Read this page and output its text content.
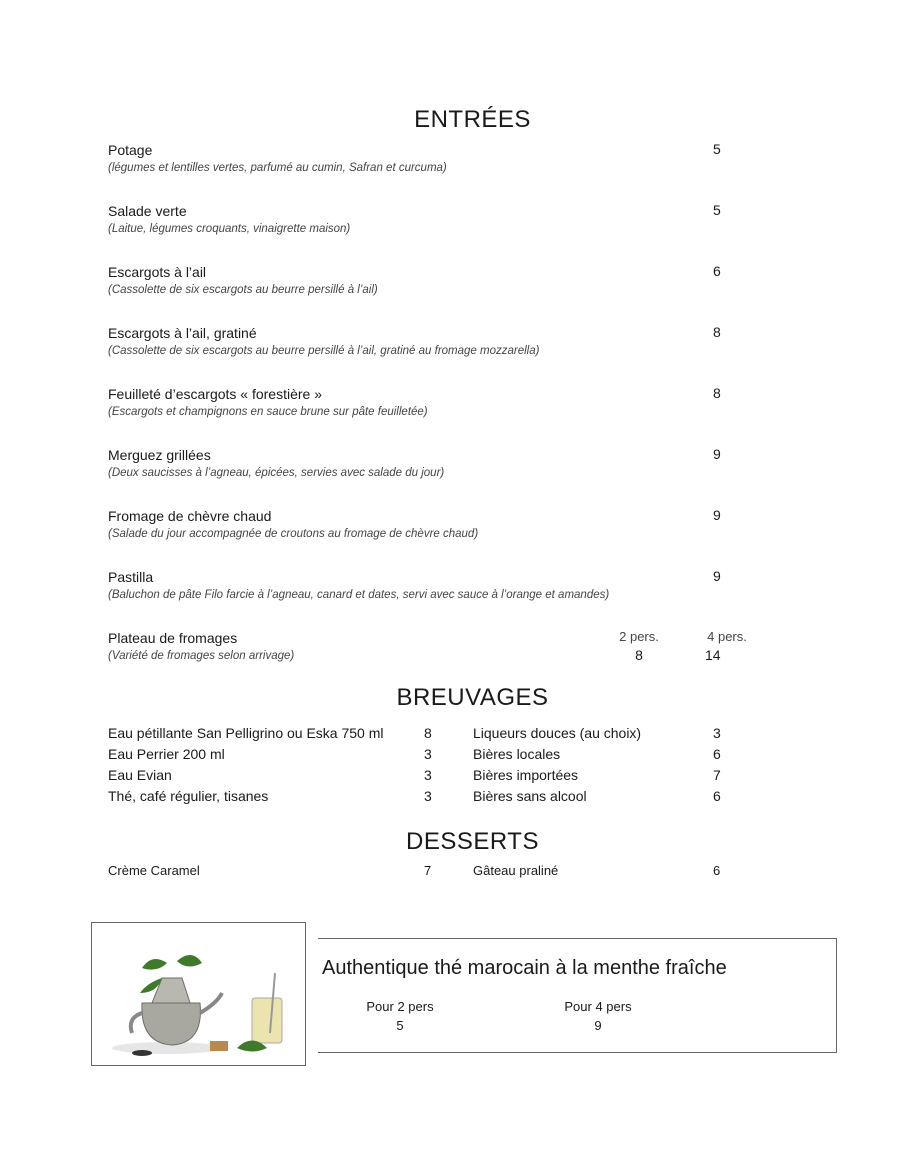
ENTRÉES
Potage
(légumes et lentilles vertes, parfumé au cumin, Safran et curcuma)
5
Salade verte
(Laitue, légumes croquants, vinaigrette maison)
5
Escargots à l’ail
(Cassolette de six escargots au beurre persillé à l’ail)
6
Escargots à l’ail, gratiné
(Cassolette de six escargots au beurre persillé à l’ail, gratiné au fromage mozzarella)
8
Feuilleté d’escargots « forestière »
(Escargots et champignons en sauce brune sur pâte feuilletée)
8
Merguez grillées
(Deux saucisses à l’agneau, épicées, servies avec salade du jour)
9
Fromage de chèvre chaud
(Salade du jour accompagnée de croutons au fromage de chèvre chaud)
9
Pastilla
(Baluchon de pâte Filo farcie à l’agneau, canard et dates, servi avec sauce à l’orange et amandes)
9
Plateau de fromages
(Variété de fromages selon arrivage)
2 pers.	4 pers.
8	14
BREUVAGES
Eau pétillante San Pelligrino ou Eska 750 ml	8	Liqueurs douces (au choix)	3
Eau Perrier 200 ml	3	Bières locales	6
Eau Evian	3	Bières importées	7
Thé, café régulier, tisanes	3	Bières sans alcool	6
DESSERTS
Crème Caramel	7	Gâteau praliné	6
Authentique thé marocain à la menthe fraîche
Pour 2 pers
5
Pour 4 pers
9
